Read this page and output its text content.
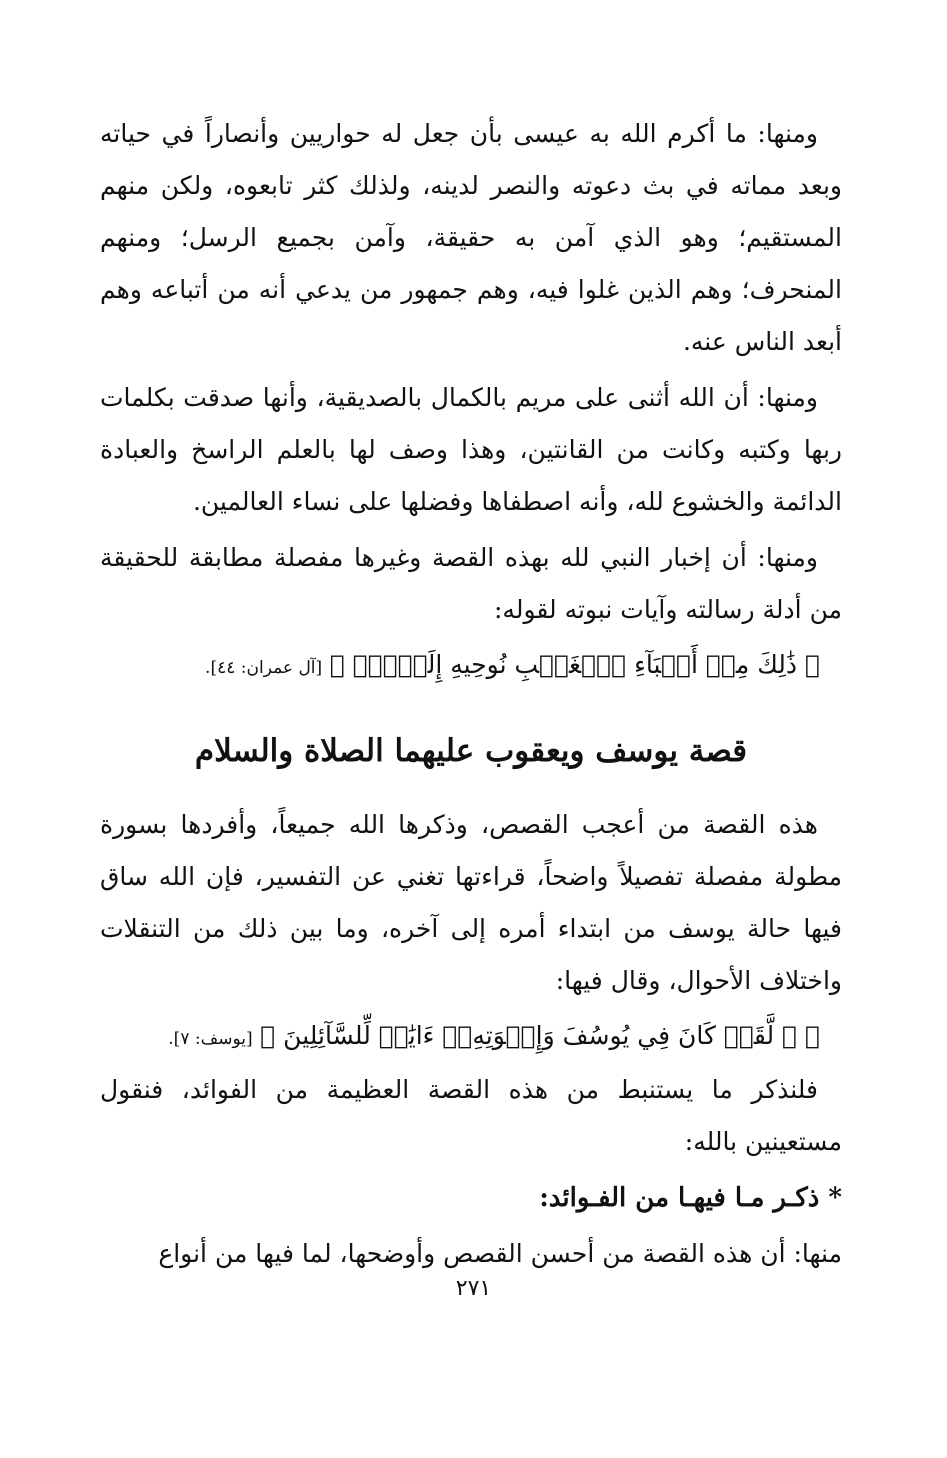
ومنها: ما أكرم الله به عيسى بأن جعل له حواريين وأنصاراً في حياته وبعد مماته في بث دعوته والنصر لدينه، ولذلك كثر تابعوه، ولكن منهم المستقيم؛ وهو الذي آمن به حقيقة، وآمن بجميع الرسل؛ ومنهم المنحرف؛ وهم الذين غلوا فيه، وهم جمهور من يدعي أنه من أتباعه وهم أبعد الناس عنه.

ومنها: أن الله أثنى على مريم بالكمال بالصديقية، وأنها صدقت بكلمات ربها وكتبه وكانت من القانتين، وهذا وصف لها بالعلم الراسخ والعبادة الدائمة والخشوع لله، وأنه اصطفاها وفضلها على نساء العالمين.

ومنها: أن إخبار النبي لله بهذه القصة وغيرها مفصلة مطابقة للحقيقة من أدلة رسالته وآيات نبوته لقوله:

﴿ ذَٰلِكَ مِنۡ أَنۢبَآءِ ٱلۡغَيۡبِ نُوحِيهِ إِلَيۡكَۚ ﴾ [آل عمران: ٤٤].

قصة يوسف ويعقوب عليهما الصلاة والسلام

هذه القصة من أعجب القصص، وذكرها الله جميعاً، وأفردها بسورة مطولة مفصلة تفصيلاً واضحاً، قراءتها تغني عن التفسير، فإن الله ساق فيها حالة يوسف من ابتداء أمره إلى آخره، وما بين ذلك من التنقلات واختلاف الأحوال، وقال فيها:

﴿ ۞ لَّقَدۡ كَانَ فِي يُوسُفَ وَإِخۡوَتِهِۦٓ ءَايَٰتٞ لِّلسَّآئِلِينَ ﴾ [يوسف: ٧].

فلنذكر ما يستنبط من هذه القصة العظيمة من الفوائد، فنقول مستعينين بالله:

* ذكـر مـا فيهـا من الفـوائد:

منها: أن هذه القصة من أحسن القصص وأوضحها، لما فيها من أنواع

٢٧١
